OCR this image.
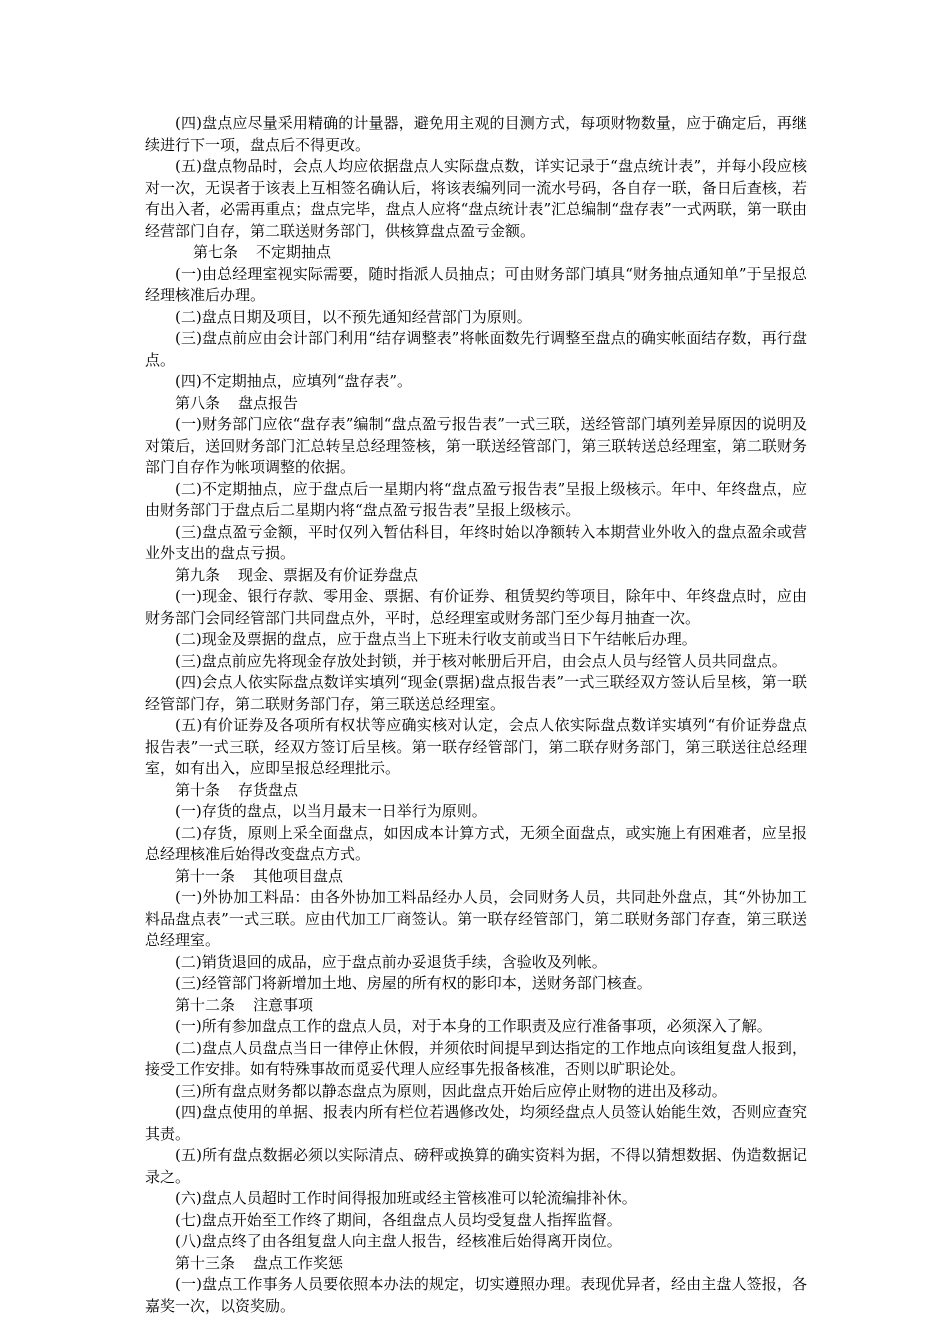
(四)盘点应尽量采用精确的计量器，避免用主观的目测方式，每项财物数量，应于确定后，再继续进行下一项，盘点后不得更改。

(五)盘点物品时，会点人均应依据盘点人实际盘点数，详实记录于“盘点统计表”，并每小段应核对一次，无误者于该表上互相签名确认后，将该表编列同一流水号码，各自存一联，备日后查核，若有出入者，必需再重点；盘点完毕，盘点人应将“盘点统计表”汇总编制“盘存表”一式两联，第一联由经营部门自存，第二联送财务部门，供核算盘点盈亏金额。

第七条 不定期抽点

(一)由总经理室视实际需要，随时指派人员抽点；可由财务部门填具“财务抽点通知单”于呈报总经理核准后办理。

(二)盘点日期及项目，以不预先通知经营部门为原则。

(三)盘点前应由会计部门利用“结存调整表”将帐面数先行调整至盘点的确实帐面结存数，再行盘点。

(四)不定期抽点，应填列“盘存表”。

第八条 盘点报告

(一)财务部门应依“盘存表”编制“盘点盈亏报告表”一式三联，送经管部门填列差异原因的说明及对策后，送回财务部门汇总转呈总经理签核，第一联送经管部门，第三联转送总经理室，第二联财务部门自存作为帐项调整的依据。

(二)不定期抽点，应于盘点后一星期内将“盘点盈亏报告表”呈报上级核示。年中、年终盘点，应由财务部门于盘点后二星期内将“盘点盈亏报告表”呈报上级核示。

(三)盘点盈亏金额，平时仅列入暂估科目，年终时始以净额转入本期营业外收入的盘点盈余或营业外支出的盘点亏损。

第九条 现金、票据及有价证券盘点

(一)现金、银行存款、零用金、票据、有价证券、租赁契约等项目，除年中、年终盘点时，应由财务部门会同经管部门共同盘点外，平时，总经理室或财务部门至少每月抽查一次。

(二)现金及票据的盘点，应于盘点当上下班未行收支前或当日下午结帐后办理。

(三)盘点前应先将现金存放处封锁，并于核对帐册后开启，由会点人员与经管人员共同盘点。

(四)会点人依实际盘点数详实填列“现金(票据)盘点报告表”一式三联经双方签认后呈核，第一联经管部门存，第二联财务部门存，第三联送总经理室。

(五)有价证券及各项所有权状等应确实核对认定，会点人依实际盘点数详实填列“有价证券盘点报告表”一式三联，经双方签订后呈核。第一联存经管部门，第二联存财务部门，第三联送往总经理室，如有出入，应即呈报总经理批示。

第十条 存货盘点

(一)存货的盘点，以当月最末一日举行为原则。

(二)存货，原则上采全面盘点，如因成本计算方式，无须全面盘点，或实施上有困难者，应呈报总经理核准后始得改变盘点方式。

第十一条 其他项目盘点

(一)外协加工料品：由各外协加工料品经办人员，会同财务人员，共同赴外盘点，其“外协加工料品盘点表”一式三联。应由代加工厂商签认。第一联存经管部门，第二联财务部门存查，第三联送总经理室。

(二)销货退回的成品，应于盘点前办妥退货手续，含验收及列帐。

(三)经管部门将新增加土地、房屋的所有权的影印本，送财务部门核查。

第十二条 注意事项

(一)所有参加盘点工作的盘点人员，对于本身的工作职责及应行准备事项，必须深入了解。

(二)盘点人员盘点当日一律停止休假，并须依时间提早到达指定的工作地点向该组复盘人报到，接受工作安排。如有特殊事故而觅妥代理人应经事先报备核准，否则以旷职论处。

(三)所有盘点财务都以静态盘点为原则，因此盘点开始后应停止财物的进出及移动。

(四)盘点使用的单据、报表内所有栏位若遇修改处，均须经盘点人员签认始能生效，否则应查究其责。

(五)所有盘点数据必须以实际清点、磅秤或换算的确实资料为据，不得以猜想数据、伪造数据记录之。

(六)盘点人员超时工作时间得报加班或经主管核准可以轮流编排补休。

(七)盘点开始至工作终了期间，各组盘点人员均受复盘人指挥监督。

(八)盘点终了由各组复盘人向主盘人报告，经核准后始得离开岗位。

第十三条 盘点工作奖惩

(一)盘点工作事务人员要依照本办法的规定，切实遵照办理。表现优异者，经由主盘人签报，各嘉奖一次，以资奖励。
